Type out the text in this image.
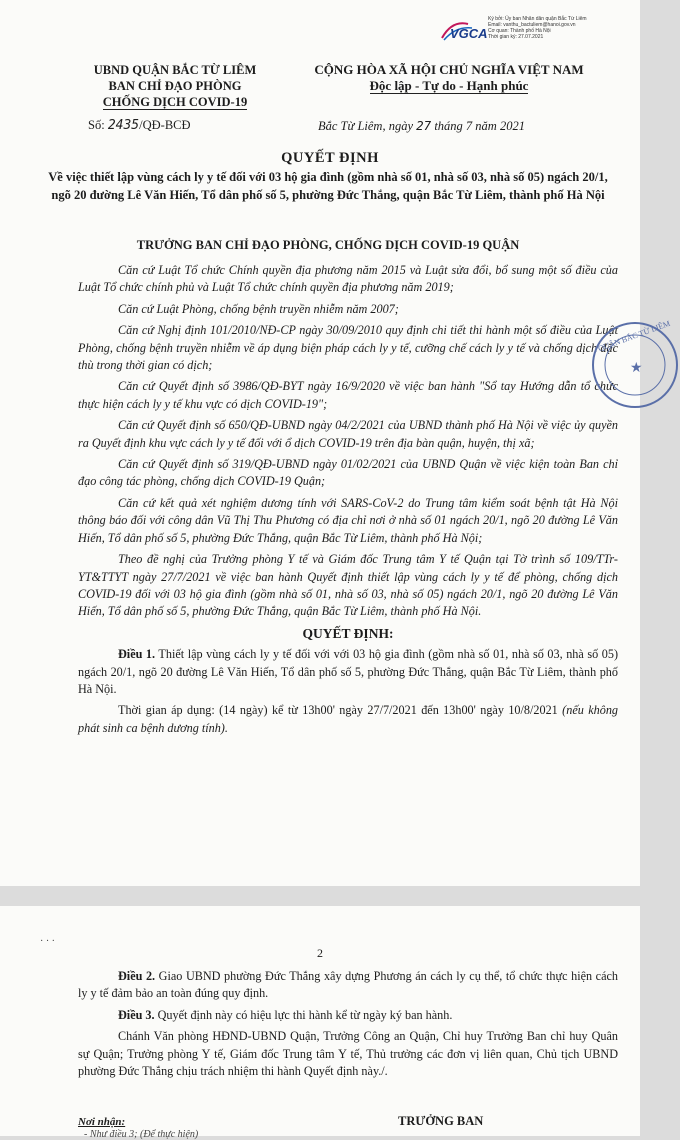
VGCA
Ký bởi: Ủy ban Nhân dân quận Bắc Từ Liêm
Email: vanthu_bactuliem@hanoi.gov.vn
Cơ quan: Thành phố Hà Nội
Thời gian ký: 27.07.2021
UBND QUẬN BẮC TỪ LIÊM
BAN CHỈ ĐẠO PHÒNG
CHỐNG DỊCH COVID-19
CỘNG HÒA XÃ HỘI CHỦ NGHĨA VIỆT NAM
Độc lập - Tự do - Hạnh phúc
Số: 2435/QĐ-BCĐ	Bắc Từ Liêm, ngày 27 tháng 7 năm 2021
QUYẾT ĐỊNH
Về việc thiết lập vùng cách ly y tế đối với 03 hộ gia đình (gồm nhà số 01, nhà số 03, nhà số 05) ngách 20/1, ngõ 20 đường Lê Văn Hiến, Tổ dân phố số 5, phường Đức Thắng, quận Bắc Từ Liêm, thành phố Hà Nội
TRƯỞNG BAN CHỈ ĐẠO PHÒNG, CHỐNG DỊCH COVID-19 QUẬN

Căn cứ Luật Tổ chức Chính quyền địa phương năm 2015 và Luật sửa đổi, bổ sung một số điều của Luật Tổ chức chính phủ và Luật Tổ chức chính quyền địa phương năm 2019;

Căn cứ Luật Phòng, chống bệnh truyền nhiễm năm 2007;

Căn cứ Nghị định 101/2010/NĐ-CP ngày 30/09/2010 quy định chi tiết thi hành một số điều của Luật Phòng, chống bệnh truyền nhiễm về áp dụng biện pháp cách ly y tế, cưỡng chế cách ly y tế và chống dịch đặc thù trong thời gian có dịch;

Căn cứ Quyết định số 3986/QĐ-BYT ngày 16/9/2020 về việc ban hành "Sổ tay Hướng dẫn tổ chức thực hiện cách ly y tế khu vực có dịch COVID-19";

Căn cứ Quyết định số 650/QĐ-UBND ngày 04/2/2021 của UBND thành phố Hà Nội về việc ủy quyền ra Quyết định khu vực cách ly y tế đối với ổ dịch COVID-19 trên địa bàn quận, huyện, thị xã;

Căn cứ Quyết định số 319/QĐ-UBND ngày 01/02/2021 của UBND Quận về việc kiện toàn Ban chỉ đạo công tác phòng, chống dịch COVID-19 Quận;

Căn cứ kết quả xét nghiệm dương tính với SARS-CoV-2 do Trung tâm kiểm soát bệnh tật Hà Nội thông báo đối với công dân Vũ Thị Thu Phương có địa chỉ nơi ở nhà số 01 ngách 20/1, ngõ 20 đường Lê Văn Hiến, Tổ dân phố số 5, phường Đức Thắng, quận Bắc Từ Liêm, thành phố Hà Nội;

Theo đề nghị của Trưởng phòng Y tế và Giám đốc Trung tâm Y tế Quận tại Tờ trình số 109/TTr-YT&TTYT ngày 27/7/2021 về việc ban hành Quyết định thiết lập vùng cách ly y tế để phòng, chống dịch COVID-19 đối với 03 hộ gia đình (gồm nhà số 01, nhà số 03, nhà số 05) ngách 20/1, ngõ 20 đường Lê Văn Hiến, Tổ dân phố số 5, phường Đức Thắng, quận Bắc Từ Liêm, thành phố Hà Nội.

QUYẾT ĐỊNH:

Điều 1. Thiết lập vùng cách ly y tế đối với với 03 hộ gia đình (gồm nhà số 01, nhà số 03, nhà số 05) ngách 20/1, ngõ 20 đường Lê Văn Hiến, Tổ dân phố số 5, phường Đức Thắng, quận Bắc Từ Liêm, thành phố Hà Nội.

Thời gian áp dụng: (14 ngày) kể từ 13h00' ngày 27/7/2021 đến 13h00' ngày 10/8/2021 (nếu không phát sinh ca bệnh dương tính).

QUẬN BẮC TỪ LIÊM
★
· · ·
2

Điều 2. Giao UBND phường Đức Thắng xây dựng Phương án cách ly cụ thể, tổ chức thực hiện cách ly y tế đảm bảo an toàn đúng quy định.

Điều 3. Quyết định này có hiệu lực thi hành kể từ ngày ký ban hành.

Chánh Văn phòng HĐND-UBND Quận, Trưởng Công an Quận, Chỉ huy Trưởng Ban chỉ huy Quân sự Quận; Trưởng phòng Y tế, Giám đốc Trung tâm Y tế, Thủ trưởng các đơn vị liên quan, Chủ tịch UBND phường Đức Thắng chịu trách nhiệm thi hành Quyết định này./.

Nơi nhận:
- Như điều 3; (Để thực hiện)
TRƯỞNG BAN
